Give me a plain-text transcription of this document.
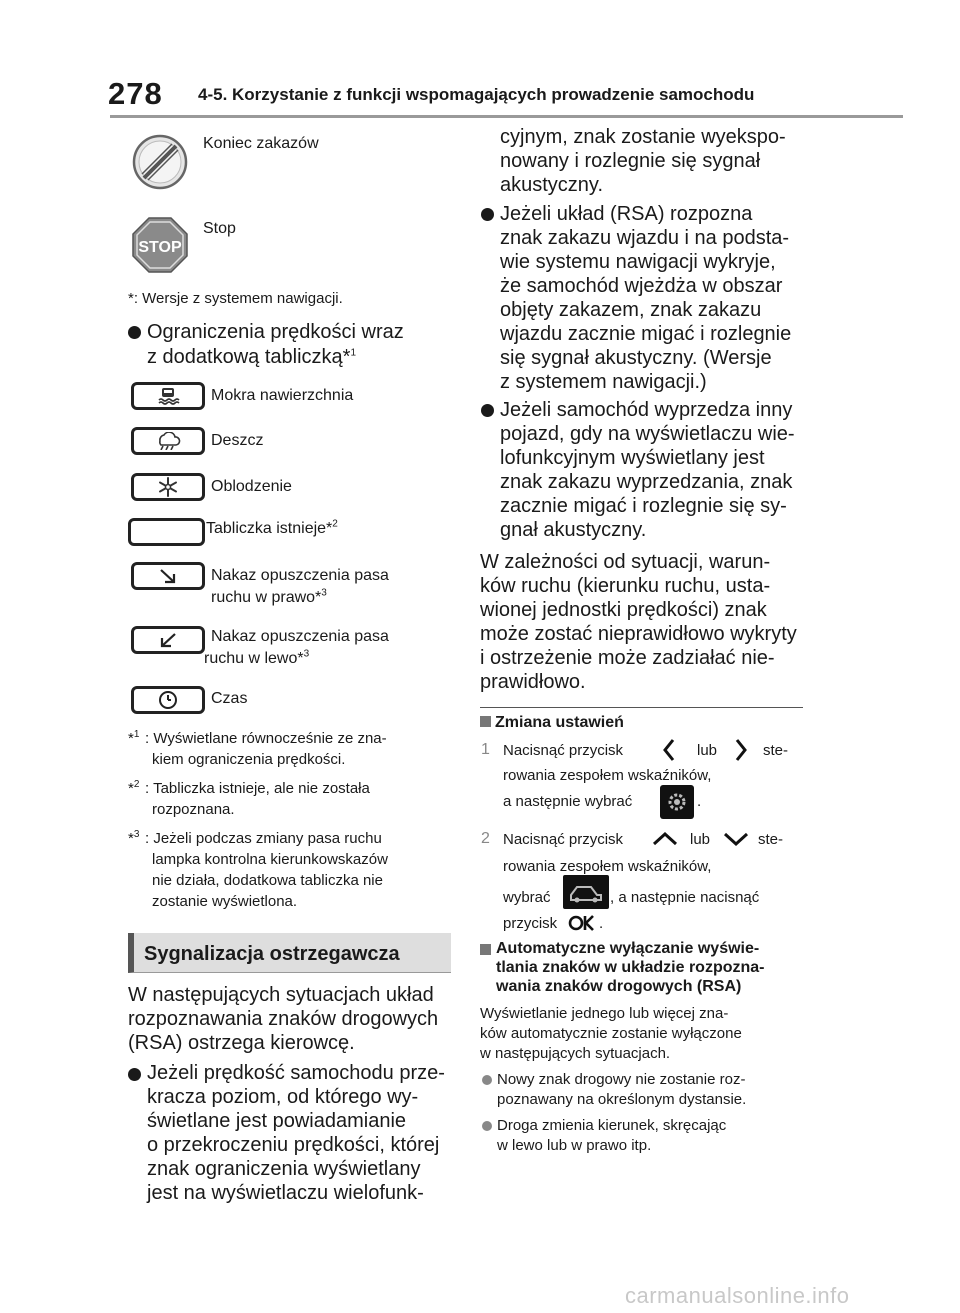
278 4-5. Korzystanie z funkcji wspomagających prowadzenie samochodu
Koniec zakazów
STOP
Stop
*: Wersje z systemem nawigacji.
Ograniczenia prędkości wraz
z dodatkową tabliczką*$^1$
Mokra nawierzchnia
Deszcz
Oblodzenie
Tabliczka istnieje*$^2$
Nakaz opuszczenia pasa
ruchu w prawo*$^3$
Nakaz opuszczenia pasa
ruchu w lewo*$^3$
Czas
*$^1$ : Wyświetlane równocześnie ze zna-
kiem ograniczenia prędkości.
*$^2$ : Tabliczka istnieje, ale nie została
rozpoznana.
*$^3$ : Jeżeli podczas zmiany pasa ruchu
lampka kontrolna kierunkowskazów
nie działa, dodatkowa tabliczka nie
zostanie wyświetlona.
Sygnalizacja ostrzegawcza
W następujących sytuacjach układ
rozpoznawania znaków drogowych
(RSA) ostrzega kierowcę.
Jeżeli prędkość samochodu prze-
kracza poziom, od którego wy-
świetlane jest powiadamianie
o przekroczeniu prędkości, której
znak ograniczenia wyświetlany
jest na wyświetlaczu wielofunk-
cyjnym, znak zostanie wyekspo-
nowany i rozlegnie się sygnał
akustyczny.
Jeżeli układ (RSA) rozpozna
znak zakazu wjazdu i na podsta-
wie systemu nawigacji wykryje,
że samochód wjeżdża w obszar
objęty zakazem, znak zakazu
wjazdu zacznie migać i rozlegnie
się sygnał akustyczny. (Wersje
z systemem nawigacji.)
Jeżeli samochód wyprzedza inny
pojazd, gdy na wyświetlaczu wie-
lofunkcyjnym wyświetlany jest
znak zakazu wyprzedzania, znak
zacznie migać i rozlegnie się sy-
gnał akustyczny.
W zależności od sytuacji, warun-
ków ruchu (kierunku ruchu, usta-
wionej jednostki prędkości) znak
może zostać nieprawidłowo wykryty
i ostrzeżenie może zadziałać nie-
prawidłowo.
Zmiana ustawień
1 Nacisnąć przycisk	lub	ste-
rowania zespołem wskaźników,
a następnie wybrać	.
2 Nacisnąć przycisk	lub	ste-
rowania zespołem wskaźników,
wybrać	, a następnie nacisnąć
przycisk	.
Automatyczne wyłączanie wyświe-
tlania znaków w układzie rozpozna-
wania znaków drogowych (RSA)
Wyświetlanie jednego lub więcej zna-
ków automatycznie zostanie wyłączone
w następujących sytuacjach.
Nowy znak drogowy nie zostanie roz-
poznawany na określonym dystansie.
Droga zmienia kierunek, skręcając
w lewo lub w prawo itp.
carmanualsonline.info
